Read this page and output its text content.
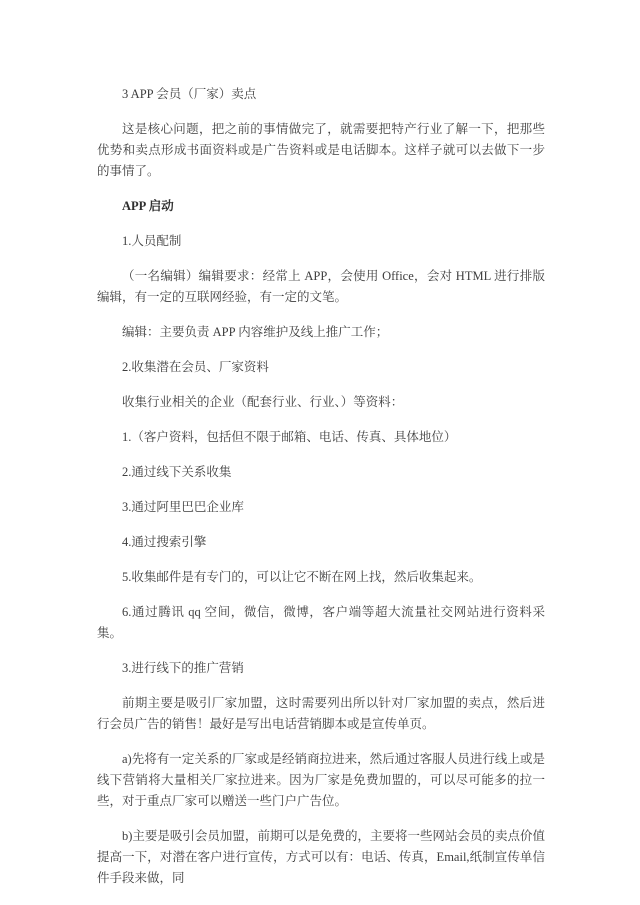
3 APP 会员（厂家）卖点

这是核心问题，把之前的事情做完了，就需要把特产行业了解一下，把那些优势和卖点形成书面资料或是广告资料或是电话脚本。这样子就可以去做下一步的事情了。

APP 启动

1.人员配制

（一名编辑）编辑要求：经常上 APP，会使用 Office，会对 HTML 进行排版编辑，有一定的互联网经验，有一定的文笔。

编辑：主要负责 APP 内容维护及线上推广工作；

2.收集潜在会员、厂家资料

收集行业相关的企业（配套行业、行业、）等资料：

1.（客户资料，包括但不限于邮箱、电话、传真、具体地位）

2.通过线下关系收集

3.通过阿里巴巴企业库

4.通过搜索引擎

5.收集邮件是有专门的，可以让它不断在网上找，然后收集起来。

6.通过腾讯 qq 空间，微信，微博，客户端等超大流量社交网站进行资料采集。

3.进行线下的推广营销

前期主要是吸引厂家加盟，这时需要列出所以针对厂家加盟的卖点，然后进行会员广告的销售！最好是写出电话营销脚本或是宣传单页。

a)先将有一定关系的厂家或是经销商拉进来，然后通过客服人员进行线上或是线下营销将大量相关厂家拉进来。因为厂家是免费加盟的，可以尽可能多的拉一些，对于重点厂家可以赠送一些门户广告位。

b)主要是吸引会员加盟，前期可以是免费的，主要将一些网站会员的卖点价值提高一下，对潜在客户进行宣传，方式可以有：电话、传真，Email,纸制宣传单信件手段来做，同
